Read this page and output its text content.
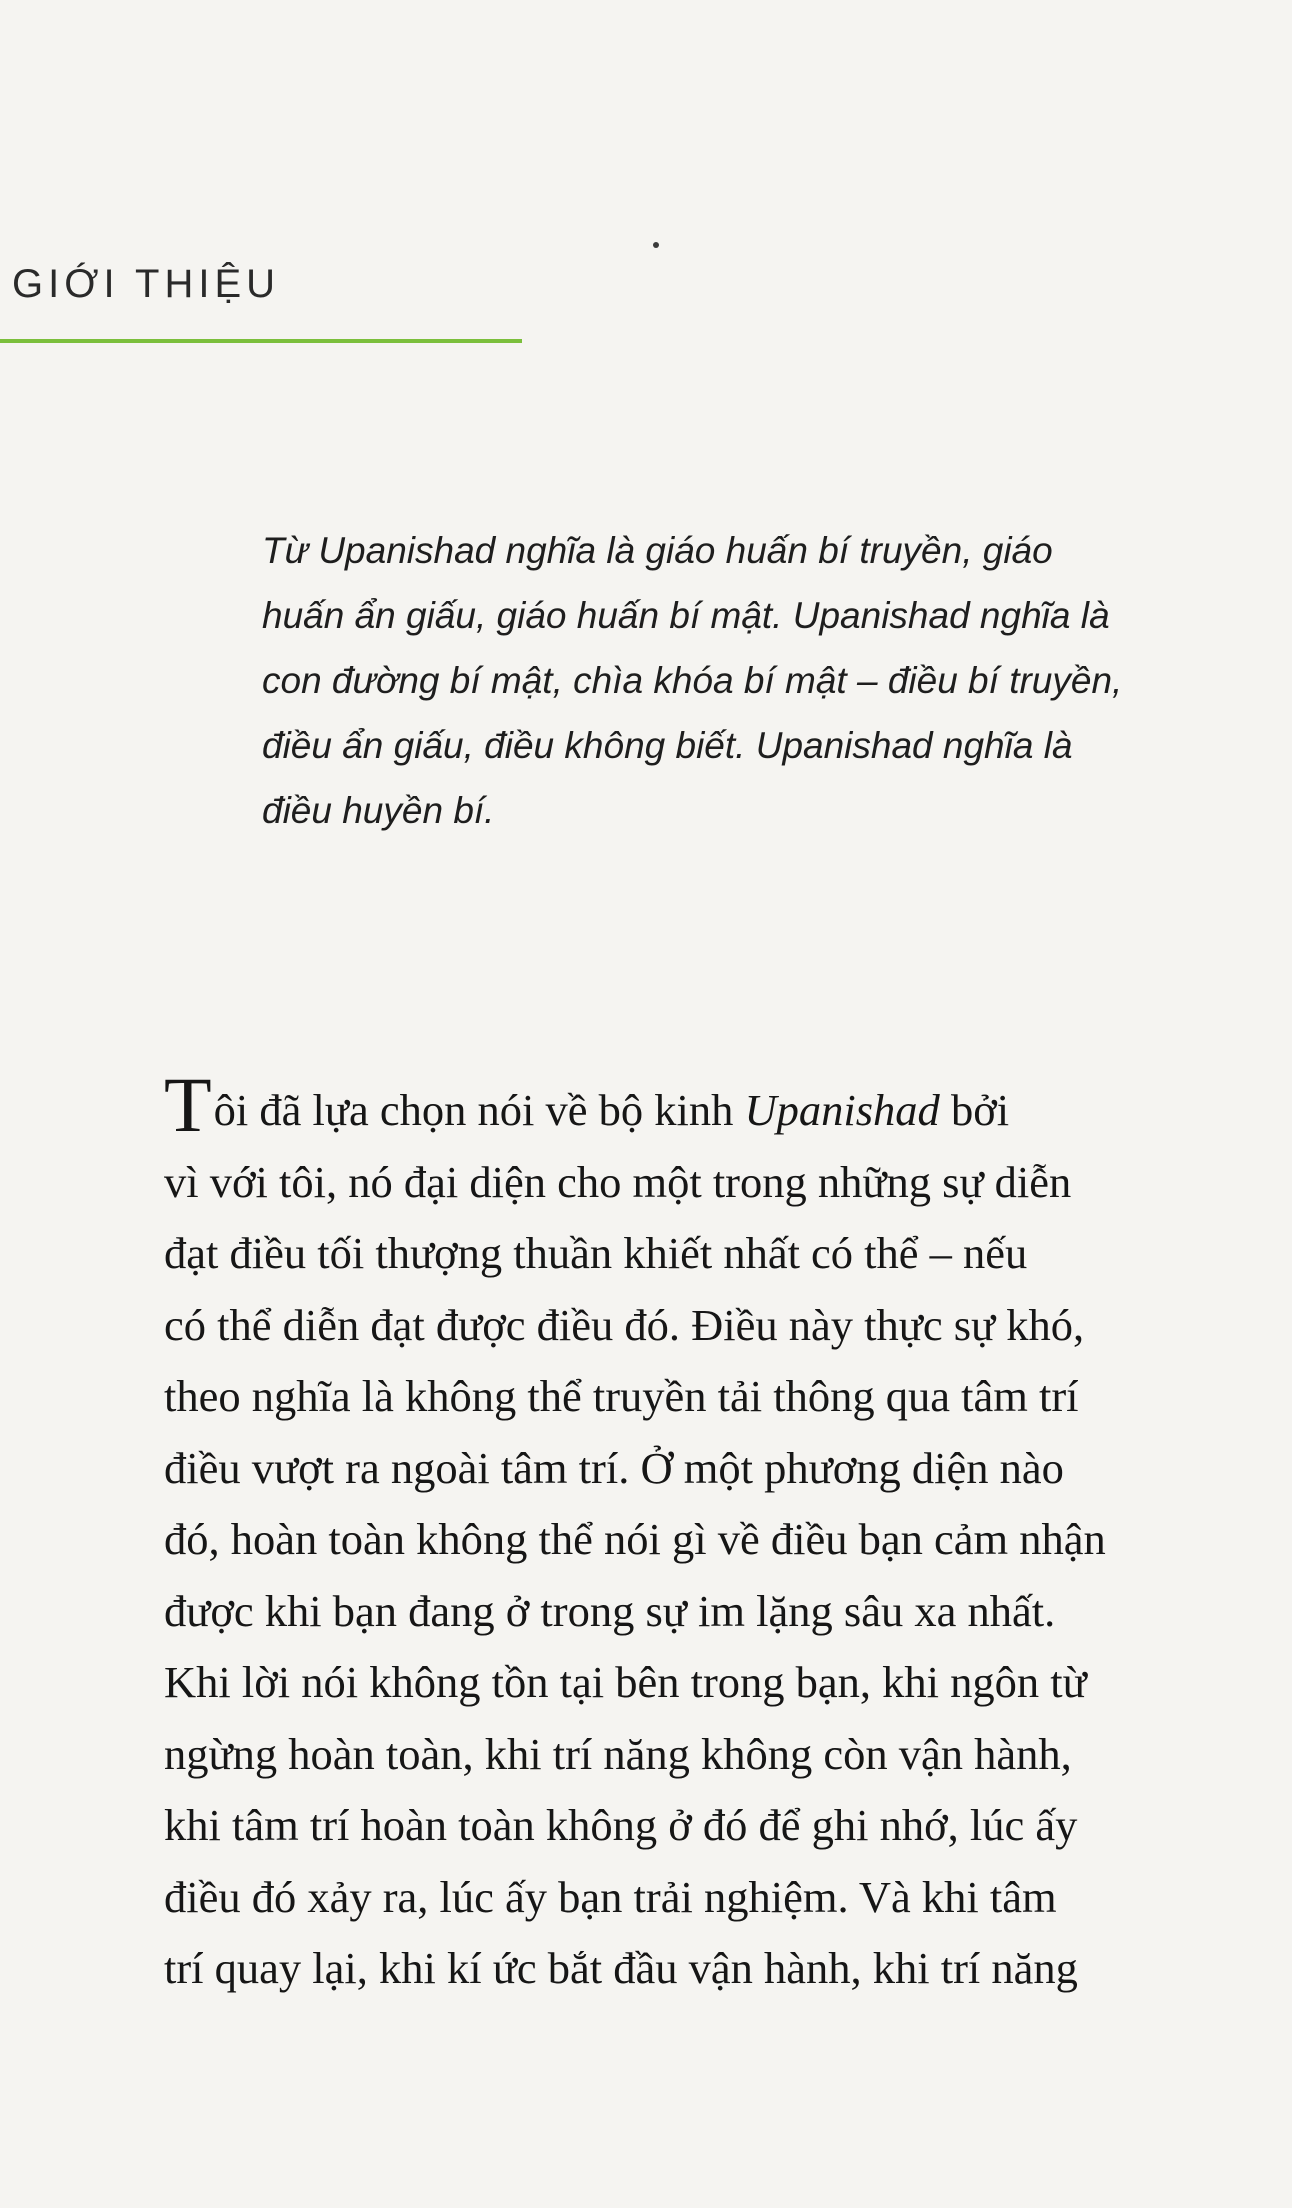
GIỚI THIỆU
Từ Upanishad nghĩa là giáo huấn bí truyền, giáo
huấn ẩn giấu, giáo huấn bí mật. Upanishad nghĩa là
con đường bí mật, chìa khóa bí mật – điều bí truyền,
điều ẩn giấu, điều không biết. Upanishad nghĩa là
điều huyền bí.
Tôi đã lựa chọn nói về bộ kinh Upanishad bởi
vì với tôi, nó đại diện cho một trong những sự diễn
đạt điều tối thượng thuần khiết nhất có thể – nếu
có thể diễn đạt được điều đó. Điều này thực sự khó,
theo nghĩa là không thể truyền tải thông qua tâm trí
điều vượt ra ngoài tâm trí. Ở một phương diện nào
đó, hoàn toàn không thể nói gì về điều bạn cảm nhận
được khi bạn đang ở trong sự im lặng sâu xa nhất.
Khi lời nói không tồn tại bên trong bạn, khi ngôn từ
ngừng hoàn toàn, khi trí năng không còn vận hành,
khi tâm trí hoàn toàn không ở đó để ghi nhớ, lúc ấy
điều đó xảy ra, lúc ấy bạn trải nghiệm. Và khi tâm
trí quay lại, khi kí ức bắt đầu vận hành, khi trí năng
